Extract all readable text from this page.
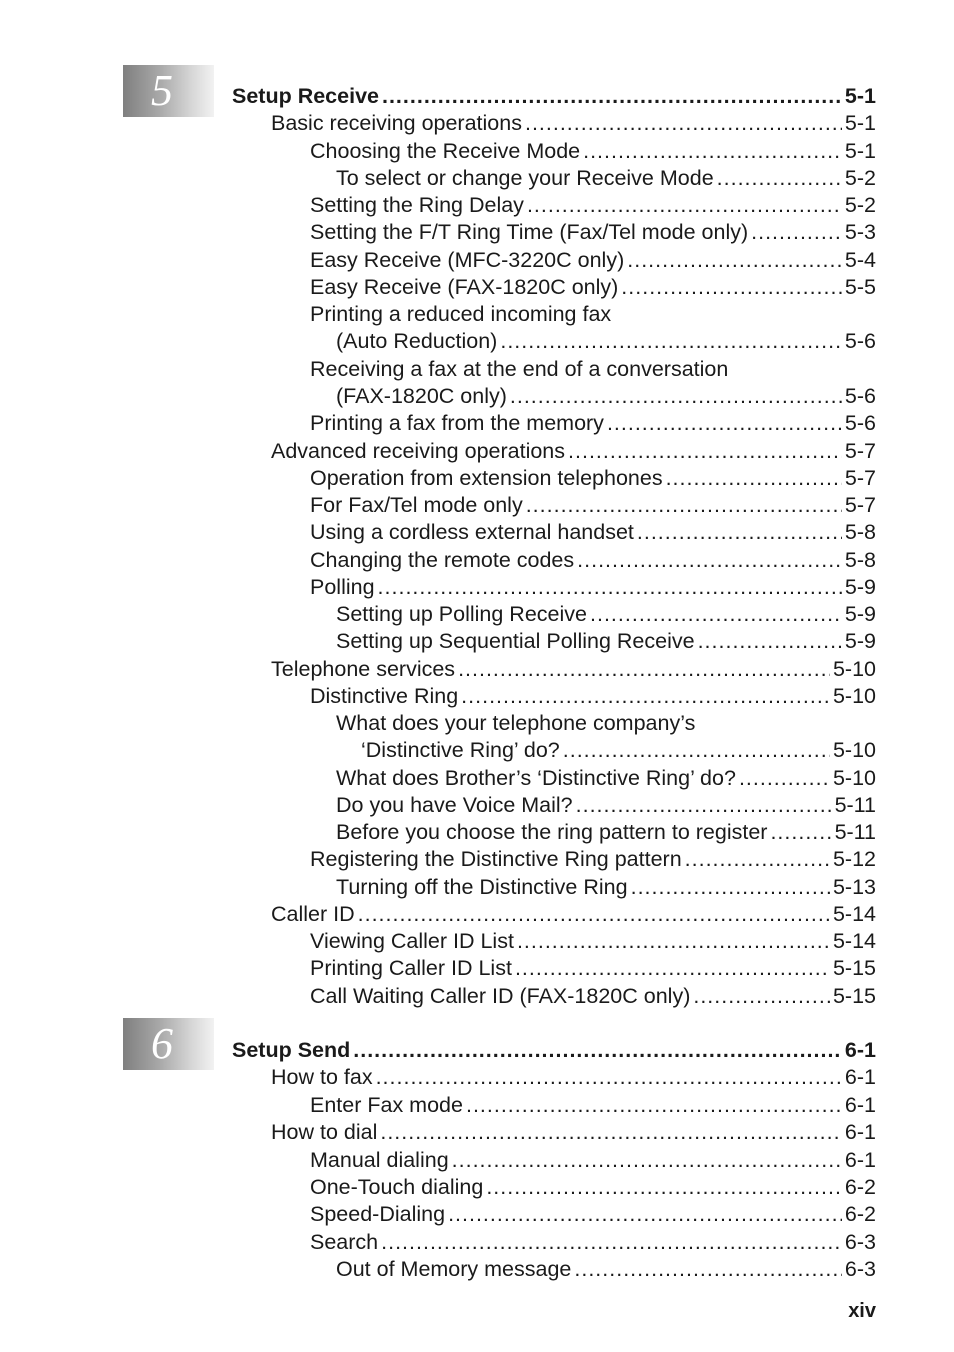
5
6
Setup Receive .....	5-1
Basic receiving operations .....	5-1
Choosing the Receive Mode .....	5-1
To select or change your Receive Mode .....	5-2
Setting the Ring Delay .....	5-2
Setting the F/T Ring Time (Fax/Tel mode only) .....	5-3
Easy Receive (MFC-3220C only) .....	5-4
Easy Receive (FAX-1820C only) .....	5-5
Printing a reduced incoming fax
(Auto Reduction) .....	5-6
Receiving a fax at the end of a conversation
(FAX-1820C only) .....	5-6
Printing a fax from the memory .....	5-6
Advanced receiving operations .....	5-7
Operation from extension telephones .....	5-7
For Fax/Tel mode only .....	5-7
Using a cordless external handset .....	5-8
Changing the remote codes .....	5-8
Polling .....	5-9
Setting up Polling Receive .....	5-9
Setting up Sequential Polling Receive .....	5-9
Telephone services .....	5-10
Distinctive Ring .....	5-10
What does your telephone company’s
‘Distinctive Ring’ do? .....	5-10
What does Brother’s ‘Distinctive Ring’ do? .....	5-10
Do you have Voice Mail? .....	5-11
Before you choose the ring pattern to register .....	5-11
Registering the Distinctive Ring pattern .....	5-12
Turning off the Distinctive Ring .....	5-13
Caller ID .....	5-14
Viewing Caller ID List .....	5-14
Printing Caller ID List .....	5-15
Call Waiting Caller ID (FAX-1820C only) .....	5-15
Setup Send .....	6-1
How to fax .....	6-1
Enter Fax mode .....	6-1
How to dial .....	6-1
Manual dialing .....	6-1
One-Touch dialing .....	6-2
Speed-Dialing .....	6-2
Search .....	6-3
Out of Memory message .....	6-3
xiv
